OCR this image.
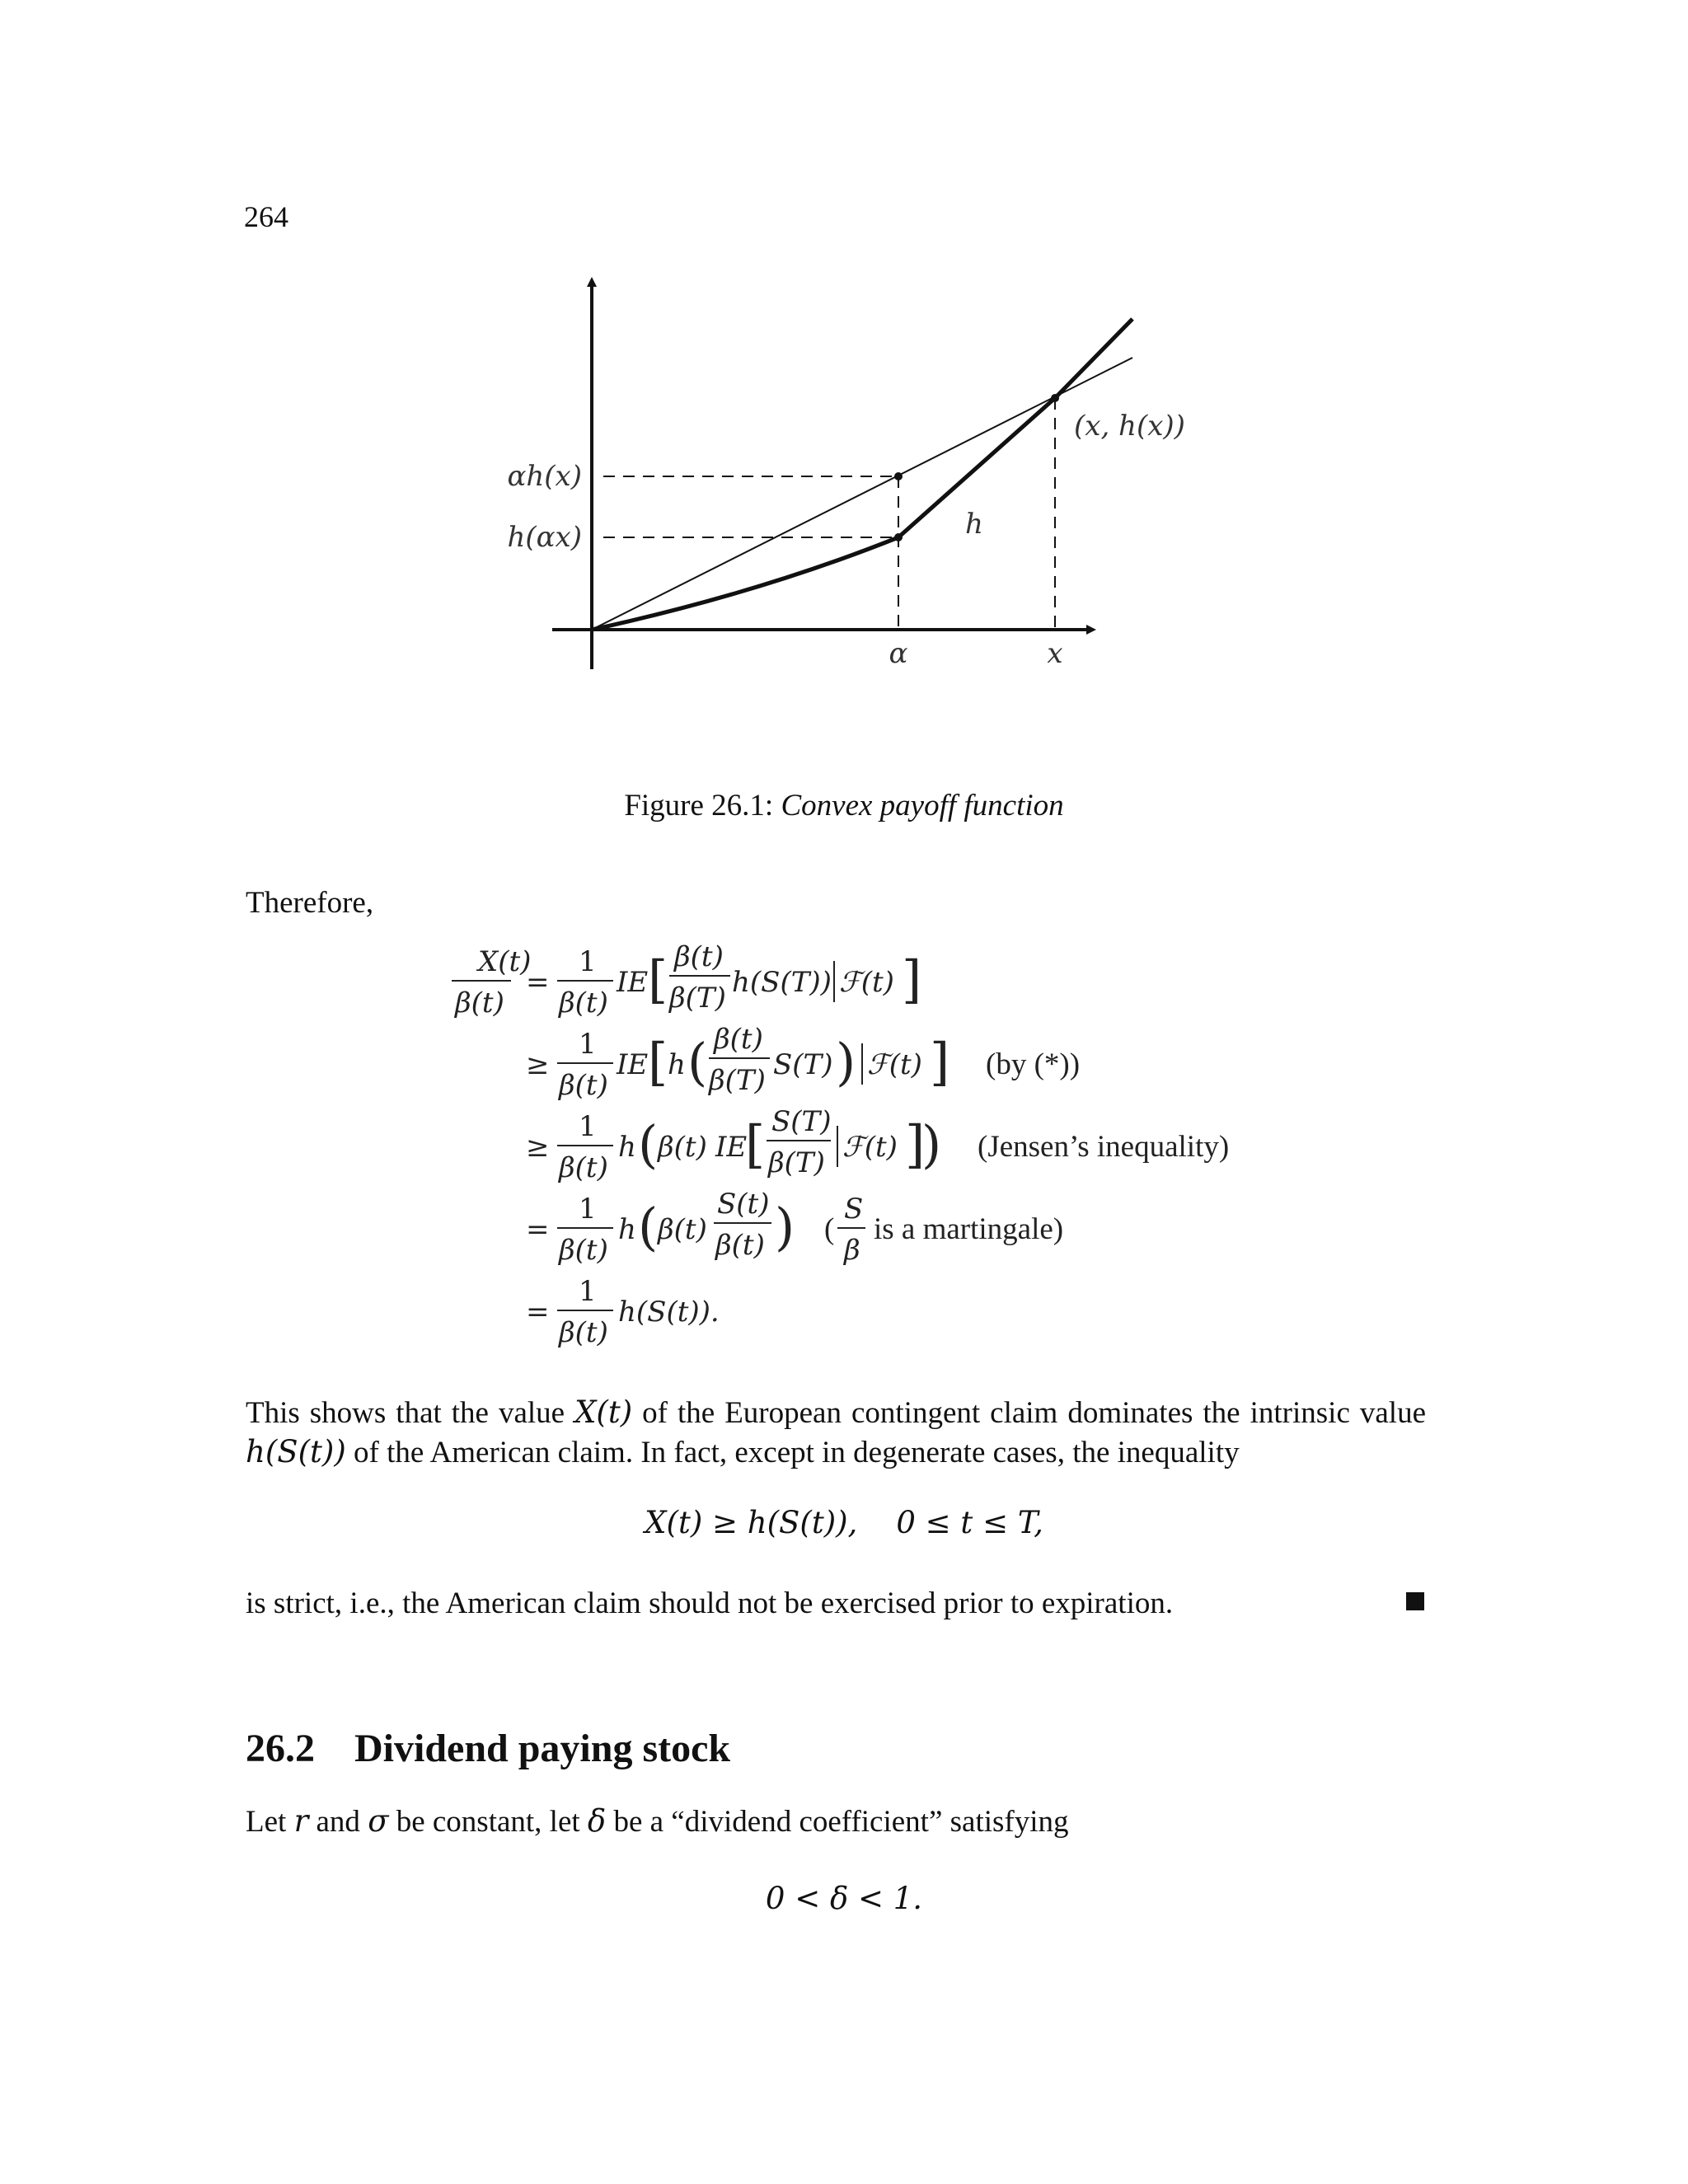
264
αh(x)
h(αx)	h
(x, h(x))
α	x
Figure 26.1: Convex payoff function
Therefore,
X(t)
β(t)
=
1
β(t)
IE [ β(t)
β(T) h(S(T)) ℱ(t) ]
≥
1
β(t)
IE [ h ( β(t)
β(T) S(T) ) ℱ(t) ] (by (*))
≥
1
β(t)
h ( β(t) IE
[ S(T)
β(T) ℱ(t) ]
) (Jensen’s inequality)
=
1
β(t)
h ( β(t)
S(t)
β(t) ) (
S
β
is a martingale)
=
1
β(t)
h(S(t)).
This shows that the value X(t) of the European contingent claim dominates the intrinsic value h(S(t)) of the American claim. In fact, except in degenerate cases, the inequality
X(t) ≥ h(S(t)),    0 ≤ t ≤ T,
is strict, i.e., the American claim should not be exercised prior to expiration.
26.2 Dividend paying stock
Let r and σ be constant, let δ be a “dividend coefficient” satisfying
0 < δ < 1.
